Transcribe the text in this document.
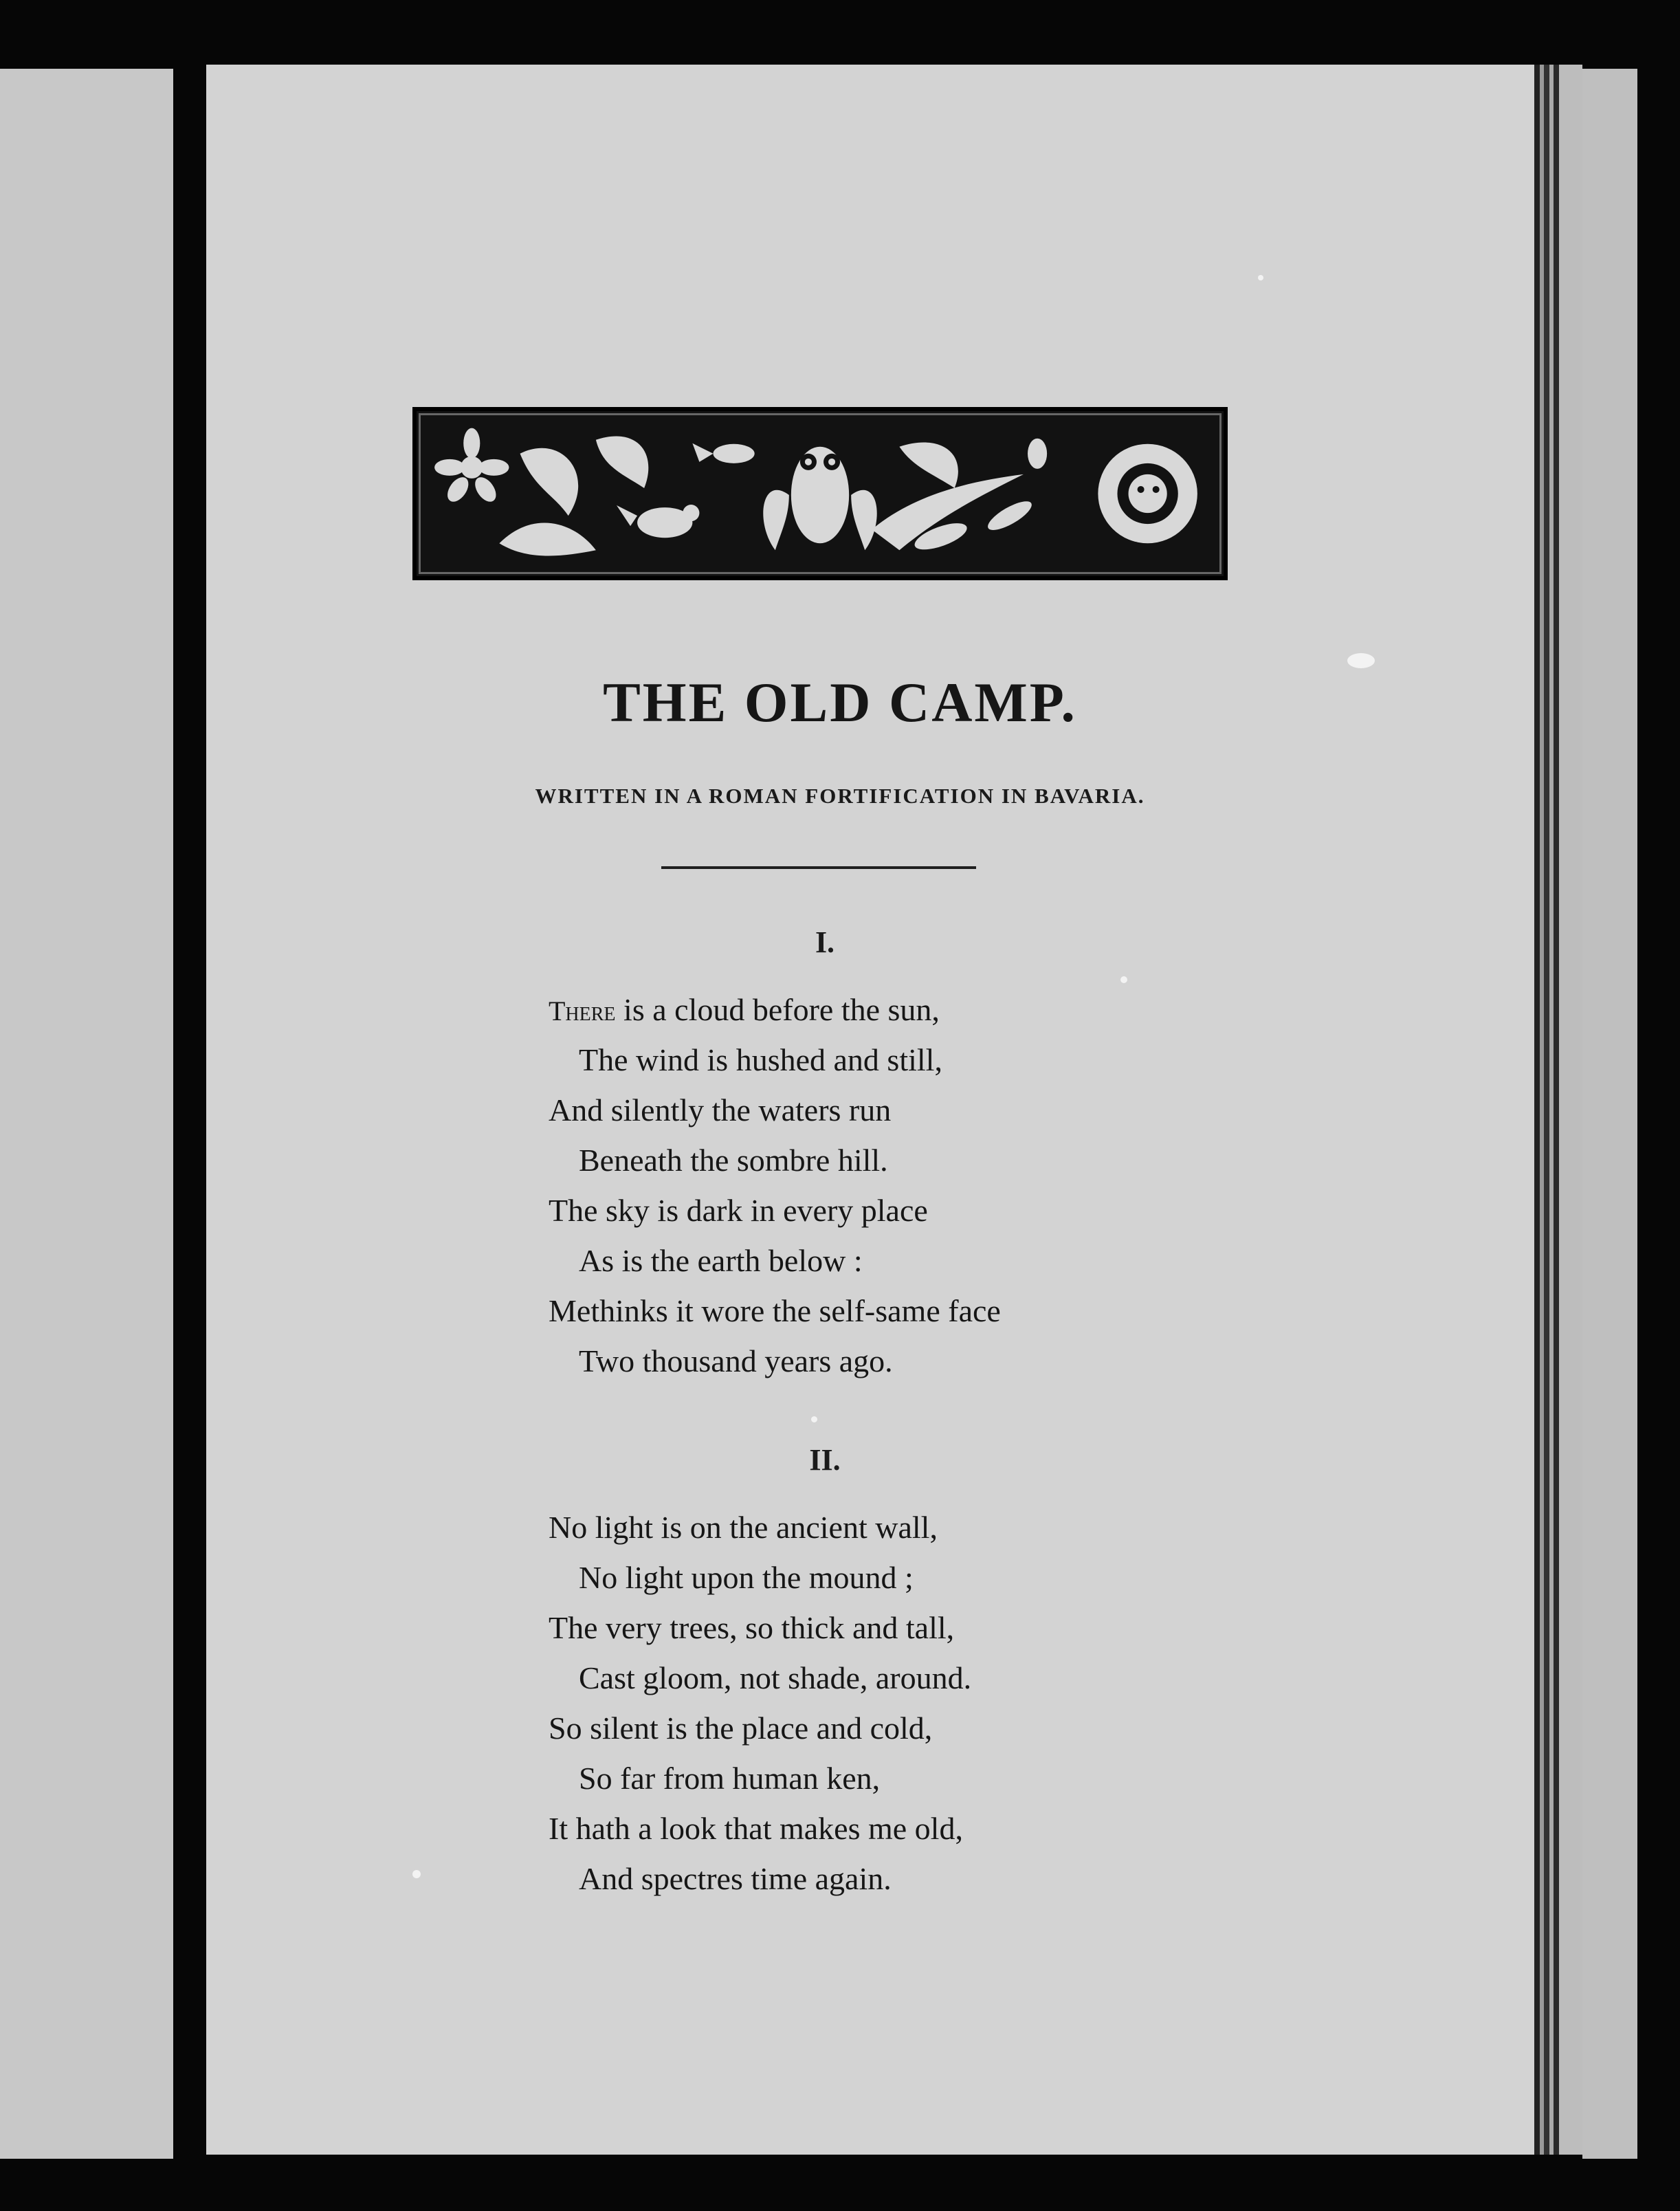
THE OLD CAMP.
WRITTEN IN A ROMAN FORTIFICATION IN BAVARIA.
I.
There is a cloud before the sun,
The wind is hushed and still,
And silently the waters run
Beneath the sombre hill.
The sky is dark in every place
As is the earth below :
Methinks it wore the self-same face
Two thousand years ago.
II.
No light is on the ancient wall,
No light upon the mound ;
The very trees, so thick and tall,
Cast gloom, not shade, around.
So silent is the place and cold,
So far from human ken,
It hath a look that makes me old,
And spectres time again.
